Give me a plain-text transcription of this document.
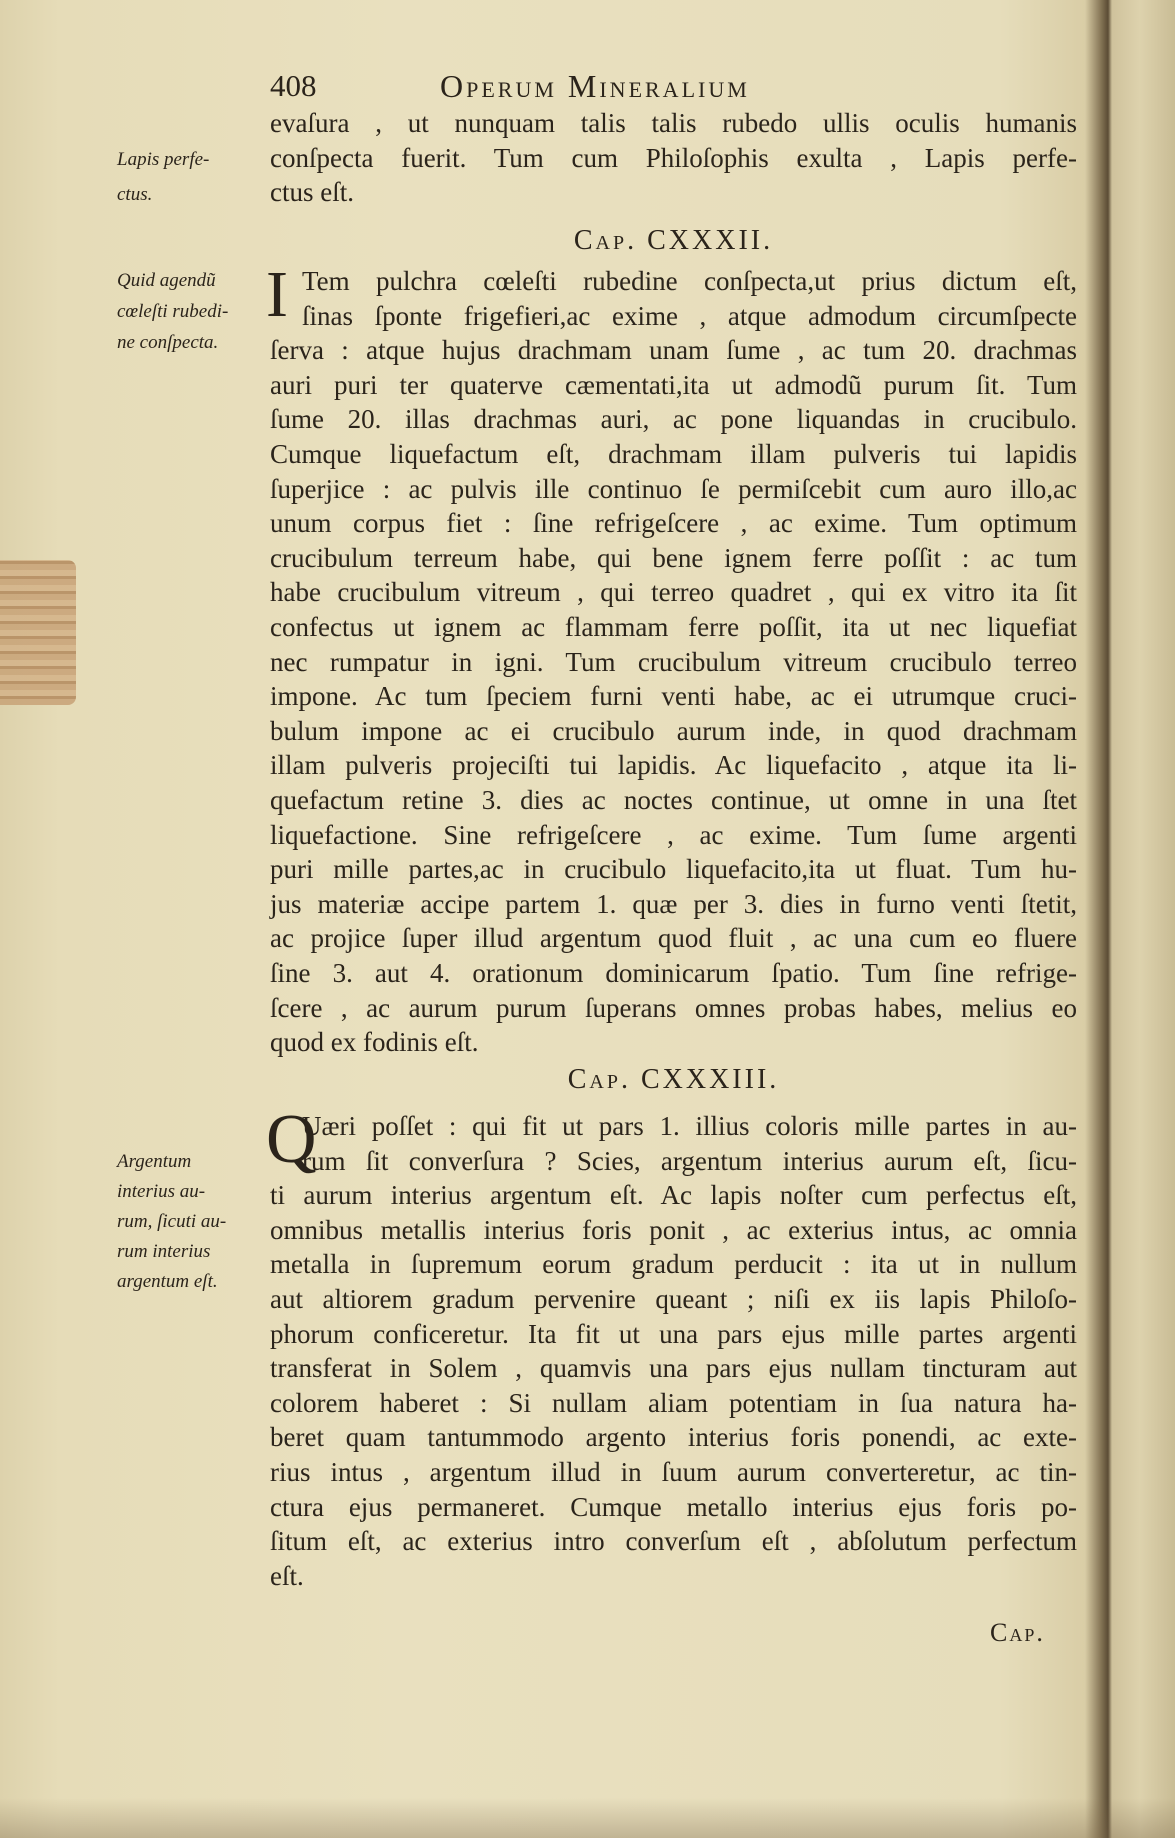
408	Operum Mineralium
Lapis perfe-
ctus.
Quid agendũ
cœleſti rubedi-
ne conſpecta.
Argentum
interius au-
rum, ſicuti au-
rum interius
argentum eſt.
evaſura , ut nunquam talis talis rubedo ullis oculis humanis
conſpecta fuerit. Tum cum Philoſophis exulta , Lapis perfe-
ctus eſt.
Cap. CXXXII.
I Tem pulchra cœleſti rubedine conſpecta,ut prius dictum eſt,
ſinas ſponte frigefieri,ac exime , atque admodum circumſpecte
ſerva : atque hujus drachmam unam ſume , ac tum 20. drachmas
auri puri ter quaterve cæmentati,ita ut admodũ purum ſit. Tum
ſume 20. illas drachmas auri, ac pone liquandas in crucibulo.
Cumque liquefactum eſt, drachmam illam pulveris tui lapidis
ſuperjice : ac pulvis ille continuo ſe permiſcebit cum auro illo,ac
unum corpus fiet : ſine refrigeſcere , ac exime. Tum optimum
crucibulum terreum habe, qui bene ignem ferre poſſit : ac tum
habe crucibulum vitreum , qui terreo quadret , qui ex vitro ita ſit
confectus ut ignem ac flammam ferre poſſit, ita ut nec liquefiat
nec rumpatur in igni. Tum crucibulum vitreum crucibulo terreo
impone. Ac tum ſpeciem furni venti habe, ac ei utrumque cruci-
bulum impone ac ei crucibulo aurum inde, in quod drachmam
illam pulveris projeciſti tui lapidis. Ac liquefacito , atque ita li-
quefactum retine 3. dies ac noctes continue, ut omne in una ſtet
liquefactione. Sine refrigeſcere , ac exime. Tum ſume argenti
puri mille partes,ac in crucibulo liquefacito,ita ut fluat. Tum hu-
jus materiæ accipe partem 1. quæ per 3. dies in furno venti ſtetit,
ac projice ſuper illud argentum quod fluit , ac una cum eo fluere
ſine 3. aut 4. orationum dominicarum ſpatio. Tum ſine refrige-
ſcere , ac aurum purum ſuperans omnes probas habes, melius eo
quod ex fodinis eſt.
Cap. CXXXIII.
Q
Uæri poſſet : qui fit ut pars 1. illius coloris mille partes in au-
rum ſit converſura ? Scies, argentum interius aurum eſt, ſicu-
ti aurum interius argentum eſt. Ac lapis noſter cum perfectus eſt,
omnibus metallis interius foris ponit , ac exterius intus, ac omnia
metalla in ſupremum eorum gradum perducit : ita ut in nullum
aut altiorem gradum pervenire queant ; niſi ex iis lapis Philoſo-
phorum conficeretur. Ita fit ut una pars ejus mille partes argenti
transferat in Solem , quamvis una pars ejus nullam tincturam aut
colorem haberet : Si nullam aliam potentiam in ſua natura ha-
beret quam tantummodo argento interius foris ponendi, ac exte-
rius intus , argentum illud in ſuum aurum converteretur, ac tin-
ctura ejus permaneret. Cumque metallo interius ejus foris po-
ſitum eſt, ac exterius intro converſum eſt , abſolutum perfectum
eſt.
Cap.
